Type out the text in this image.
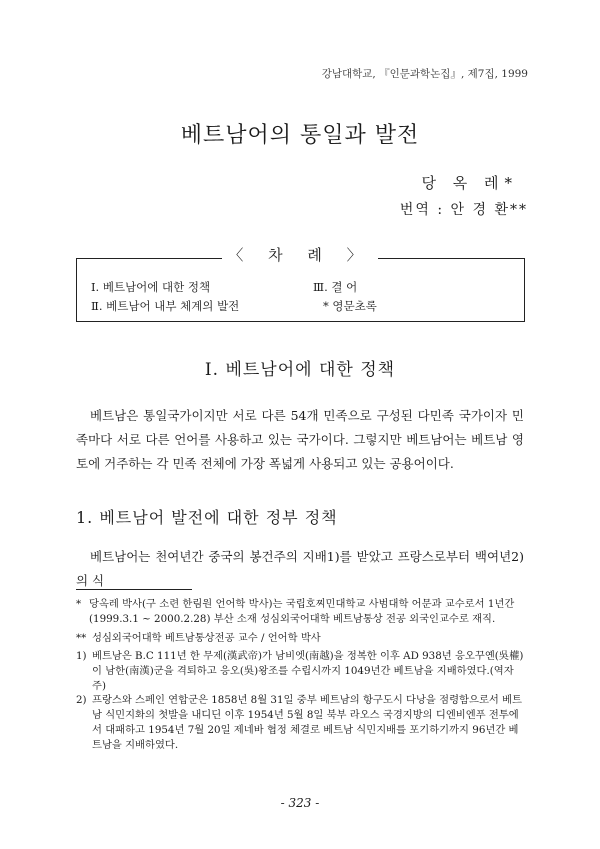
강남대학교, 『인문과학논집』, 제7집, 1999
베트남어의 통일과 발전
당 옥 레*
번역 : 안 경 환**
Ⅰ. 베트남어에 대한 정책	Ⅲ. 결 어
Ⅱ. 베트남어 내부 체계의 발전	* 영문초록
〈 차 례 〉
Ⅰ. 베트남어에 대한 정책
베트남은 통일국가이지만 서로 다른 54개 민족으로 구성된 다민족 국가이자 민족마다 서로 다른 언어를 사용하고 있는 국가이다. 그렇지만 베트남어는 베트남 영토에 거주하는 각 민족 전체에 가장 폭넓게 사용되고 있는 공용어이다.
1. 베트남어 발전에 대한 정부 정책
베트남어는 천여년간 중국의 봉건주의 지배1)를 받았고 프랑스로부터 백여년2)의 식
* 당옥레 박사(구 소련 한림원 언어학 박사)는 국립호찌민대학교 사범대학 어문과 교수로서 1년간(1999.3.1 ~ 2000.2.28) 부산 소재 성심외국어대학 베트남통상 전공 외국인교수로 재직.
** 성심외국어대학 베트남통상전공 교수 / 언어학 박사
1) 베트남은 B.C 111년 한 무제(漢武帝)가 남비엣(南越)을 정복한 이후 AD 938년 응오꾸옌(吳權)이 남한(南漢)군을 격퇴하고 응오(吳)왕조를 수립시까지 1049년간 베트남을 지배하였다.(역자 주)
2) 프랑스와 스페인 연합군은 1858년 8월 31일 중부 베트남의 항구도시 다낭을 점령함으로서 베트남 식민지화의 첫발을 내디딘 이후 1954년 5월 8일 북부 라오스 국경지방의 디엔비엔푸 전투에서 대패하고 1954년 7월 20일 제네바 협정 체결로 베트남 식민지배를 포기하기까지 96년간 베트남을 지배하였다.
- 323 -
